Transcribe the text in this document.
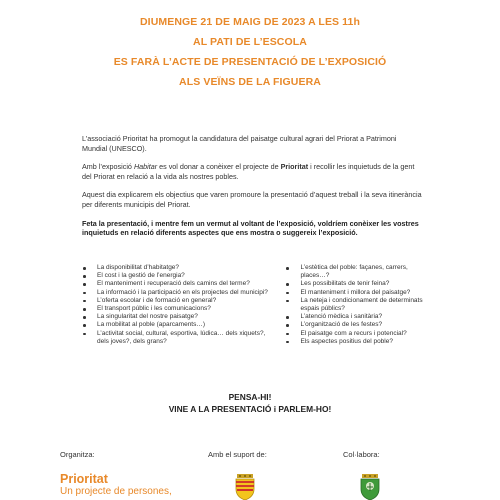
DIUMENGE 21 DE MAIG DE 2023 A LES 11h
AL PATI DE L’ESCOLA
ES FARÀ L’ACTE DE PRESENTACIÓ DE L’EXPOSICIÓ
ALS VEÏNS DE LA FIGUERA

L’associació Prioritat ha promogut la candidatura del paisatge cultural agrari del Priorat a Patrimoni Mundial (UNESCO).

Amb l’exposició Habitar es vol donar a conèixer el projecte de Prioritat i recollir les inquietuds de la gent del Priorat en relació a la vida als nostres pobles.

Aquest dia explicarem els objectius que varen promoure la presentació d’aquest treball i la seva itinerància per diferents municipis del Priorat.

Feta la presentació, i mentre fem un vermut al voltant de l’exposició, voldríem conèixer les vostres inquietuds en relació diferents aspectes que ens mostra o suggereix l’exposició.

La disponibilitat d’habitatge?
El cost i la gestió de l’energia?
El manteniment i recuperació dels camins del terme?
La informació i la participació en els projectes del municipi?
L’oferta escolar i de formació en general?
El transport públic i les comunicacions?
La singularitat del nostre paisatge?
La mobilitat al poble (aparcaments…)
L’activitat social, cultural, esportiva, lúdica… dels xiquets?, dels joves?, dels grans?
L’estètica del poble: façanes, carrers, places…?
Les possibilitats de tenir feina?
El manteniment i millora del paisatge?
La neteja i condicionament de determinats espais públics?
L’atenció mèdica i sanitària?
L’organització de les festes?
El paisatge com a recurs i potencial?
Els aspectes positius del poble?
PENSA-HI!
VINE A LA PRESENTACIÓ i PARLEM-HO!
Organitza:	Amb el suport de:	Col·labora:
Prioritat
Un projecte de persones,
